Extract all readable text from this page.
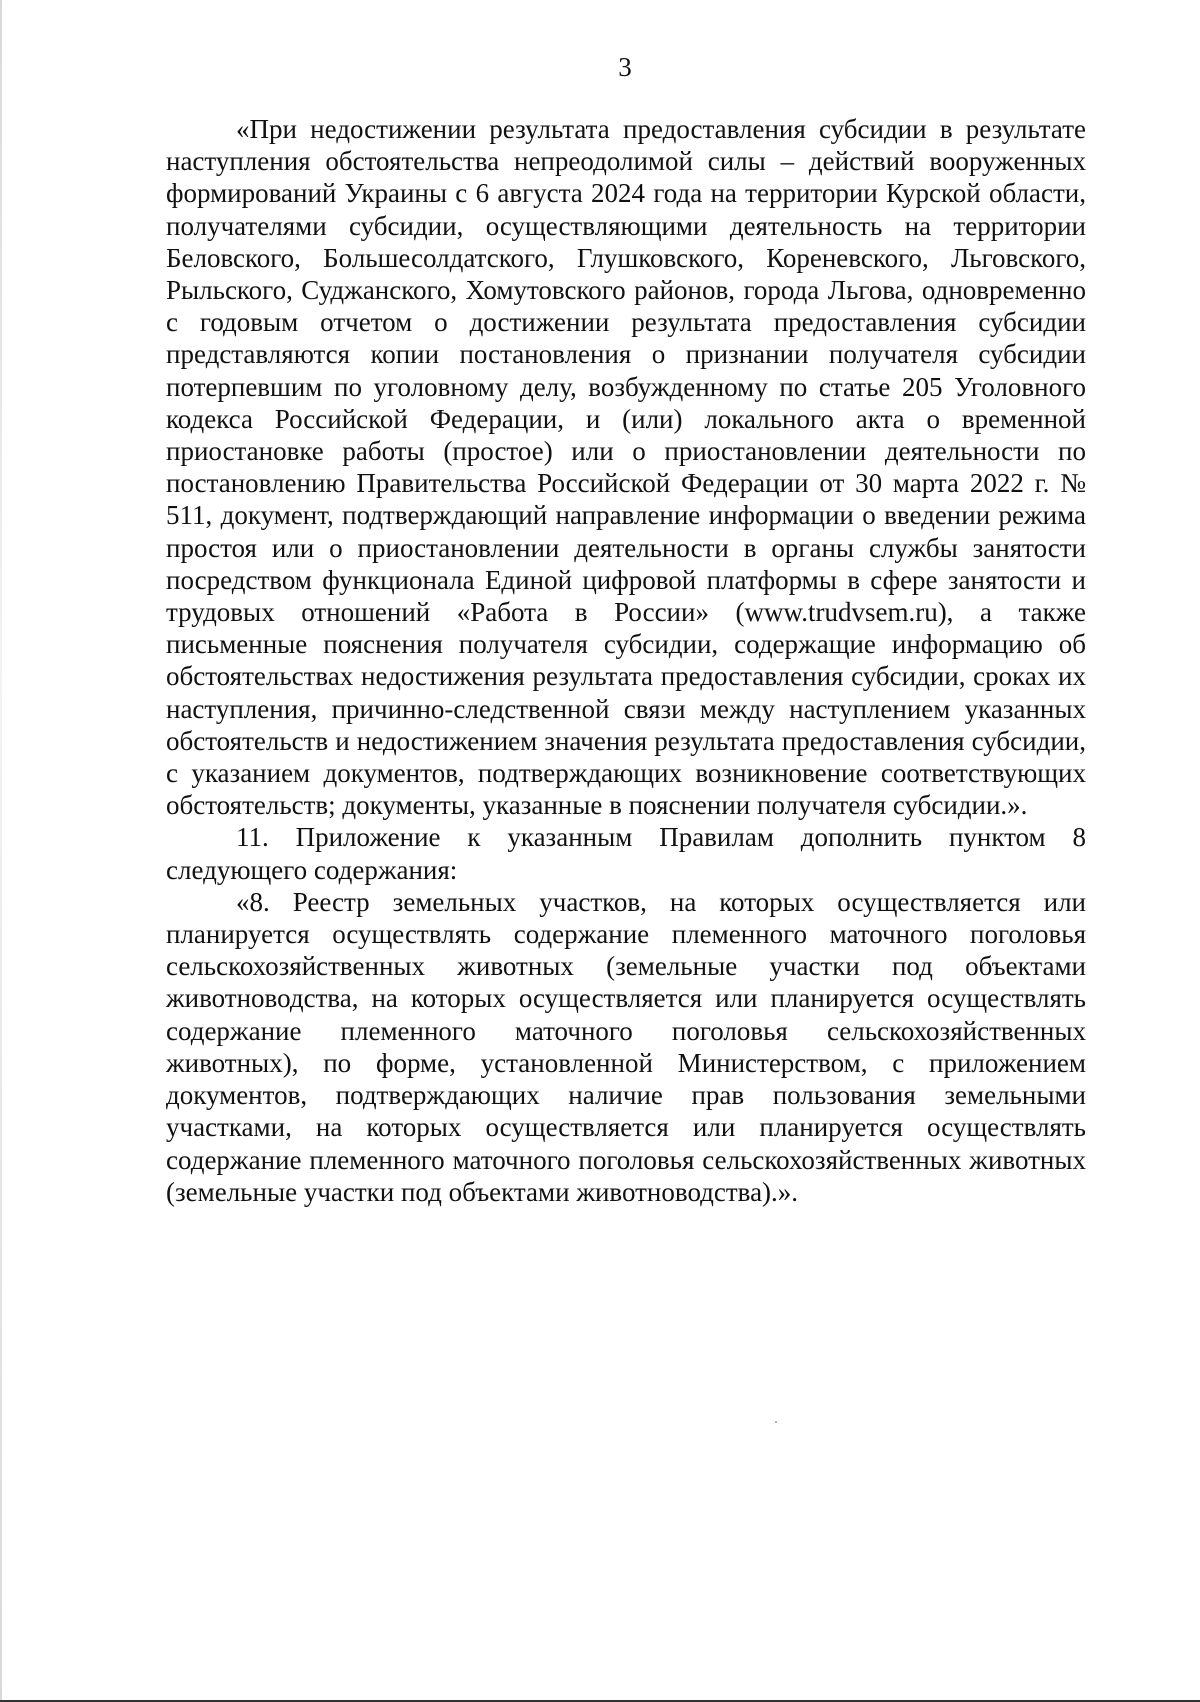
3

«При недостижении результата предоставления субсидии в результате наступления обстоятельства непреодолимой силы – действий вооруженных формирований Украины с 6 августа 2024 года на территории Курской области, получателями субсидии, осуществляющими деятельность на территории Беловского, Большесолдатского, Глушковского, Кореневского, Льговского, Рыльского, Суджанского, Хомутовского районов, города Льгова, одновременно с годовым отчетом о достижении результата предоставления субсидии представляются копии постановления о признании получателя субсидии потерпевшим по уголовному делу, возбужденному по статье 205 Уголовного кодекса Российской Федерации, и (или) локального акта о временной приостановке работы (простое) или о приостановлении деятельности по постановлению Правительства Российской Федерации от 30 марта 2022 г. № 511, документ, подтверждающий направление информации о введении режима простоя или о приостановлении деятельности в органы службы занятости посредством функционала Единой цифровой платформы в сфере занятости и трудовых отношений «Работа в России» (www.trudvsem.ru), а также письменные пояснения получателя субсидии, содержащие информацию об обстоятельствах недостижения результата предоставления субсидии, сроках их наступления, причинно-следственной связи между наступлением указанных обстоятельств и недостижением значения результата предоставления субсидии, с указанием документов, подтверждающих возникновение соответствующих обстоятельств; документы, указанные в пояснении получателя субсидии.».

11. Приложение к указанным Правилам дополнить пунктом 8 следующего содержания:

«8. Реестр земельных участков, на которых осуществляется или планируется осуществлять содержание племенного маточного поголовья сельскохозяйственных животных (земельные участки под объектами животноводства, на которых осуществляется или планируется осуществлять содержание племенного маточного поголовья сельскохозяйственных животных), по форме, установленной Министерством, с приложением документов, подтверждающих наличие прав пользования земельными участками, на которых осуществляется или планируется осуществлять содержание племенного маточного поголовья сельскохозяйственных животных (земельные участки под объектами животноводства).».
